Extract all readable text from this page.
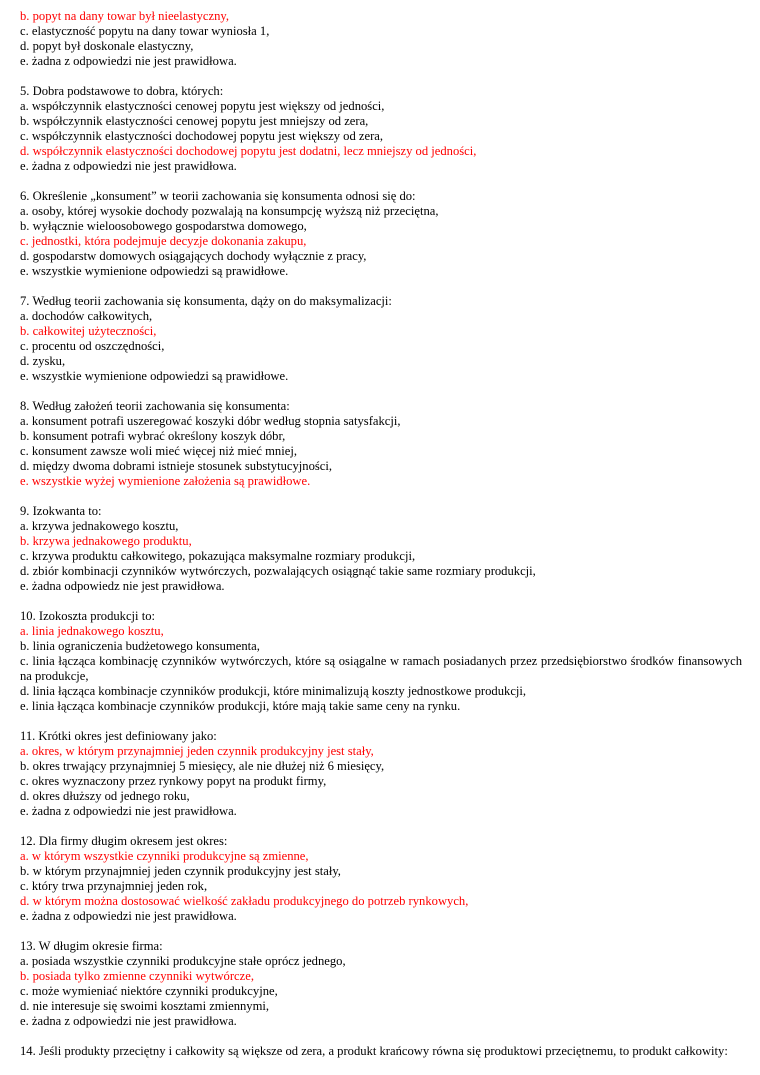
b. popyt na dany towar był nieelastyczny,
c. elastyczność popytu na dany towar wyniosła 1,
d. popyt był doskonale elastyczny,
e. żadna z odpowiedzi nie jest prawidłowa.
5. Dobra podstawowe to dobra, których:
a. współczynnik elastyczności cenowej popytu jest większy od jedności,
b. współczynnik elastyczności cenowej popytu jest mniejszy od zera,
c. współczynnik elastyczności dochodowej popytu jest większy od zera,
d. współczynnik elastyczności dochodowej popytu jest dodatni, lecz mniejszy od jedności,
e. żadna z odpowiedzi nie jest prawidłowa.
6. Określenie „konsument” w teorii zachowania się konsumenta odnosi się do:
a. osoby, której wysokie dochody pozwalają na konsumpcję wyższą niż przeciętna,
b. wyłącznie wieloosobowego gospodarstwa domowego,
c. jednostki, która podejmuje decyzje dokonania zakupu,
d. gospodarstw domowych osiągających dochody wyłącznie z pracy,
e. wszystkie wymienione odpowiedzi są prawidłowe.
7. Według teorii zachowania się konsumenta, dąży on do maksymalizacji:
a. dochodów całkowitych,
b. całkowitej użyteczności,
c. procentu od oszczędności,
d. zysku,
e. wszystkie wymienione odpowiedzi są prawidłowe.
8. Według założeń teorii zachowania się konsumenta:
a. konsument potrafi uszeregować koszyki dóbr według stopnia satysfakcji,
b. konsument potrafi wybrać określony koszyk dóbr,
c. konsument zawsze woli mieć więcej niż mieć mniej,
d. między dwoma dobrami istnieje stosunek substytucyjności,
e. wszystkie wyżej wymienione założenia są prawidłowe.
9. Izokwanta to:
a. krzywa jednakowego kosztu,
b. krzywa jednakowego produktu,
c. krzywa produktu całkowitego, pokazująca maksymalne rozmiary produkcji,
d. zbiór kombinacji czynników wytwórczych, pozwalających osiągnąć takie same rozmiary produkcji,
e. żadna odpowiedz nie jest prawidłowa.
10. Izokoszta produkcji to:
a. linia jednakowego kosztu,
b. linia ograniczenia budżetowego konsumenta,
c. linia łącząca kombinację czynników wytwórczych, które są osiągalne w ramach posiadanych przez przedsiębiorstwo środków finansowych na produkcje,
d. linia łącząca kombinacje czynników produkcji, które minimalizują koszty jednostkowe produkcji,
e. linia łącząca kombinacje czynników produkcji, które mają takie same ceny na rynku.
11. Krótki okres jest definiowany jako:
a. okres, w którym przynajmniej jeden czynnik produkcyjny jest stały,
b. okres trwający przynajmniej 5 miesięcy, ale nie dłużej niż 6 miesięcy,
c. okres wyznaczony przez rynkowy popyt na produkt firmy,
d. okres dłuższy od jednego roku,
e. żadna z odpowiedzi nie jest prawidłowa.
12. Dla firmy długim okresem jest okres:
a. w którym wszystkie czynniki produkcyjne są zmienne,
b. w którym przynajmniej jeden czynnik produkcyjny jest stały,
c. który trwa przynajmniej jeden rok,
d. w którym można dostosować wielkość zakładu produkcyjnego do potrzeb rynkowych,
e. żadna z odpowiedzi nie jest prawidłowa.
13. W długim okresie firma:
a. posiada wszystkie czynniki produkcyjne stałe oprócz jednego,
b. posiada tylko zmienne czynniki wytwórcze,
c. może wymieniać niektóre czynniki produkcyjne,
d. nie interesuje się swoimi kosztami zmiennymi,
e. żadna z odpowiedzi nie jest prawidłowa.
14. Jeśli produkty przeciętny i całkowity są większe od zera, a produkt krańcowy równa się produktowi przeciętnemu, to produkt całkowity:
